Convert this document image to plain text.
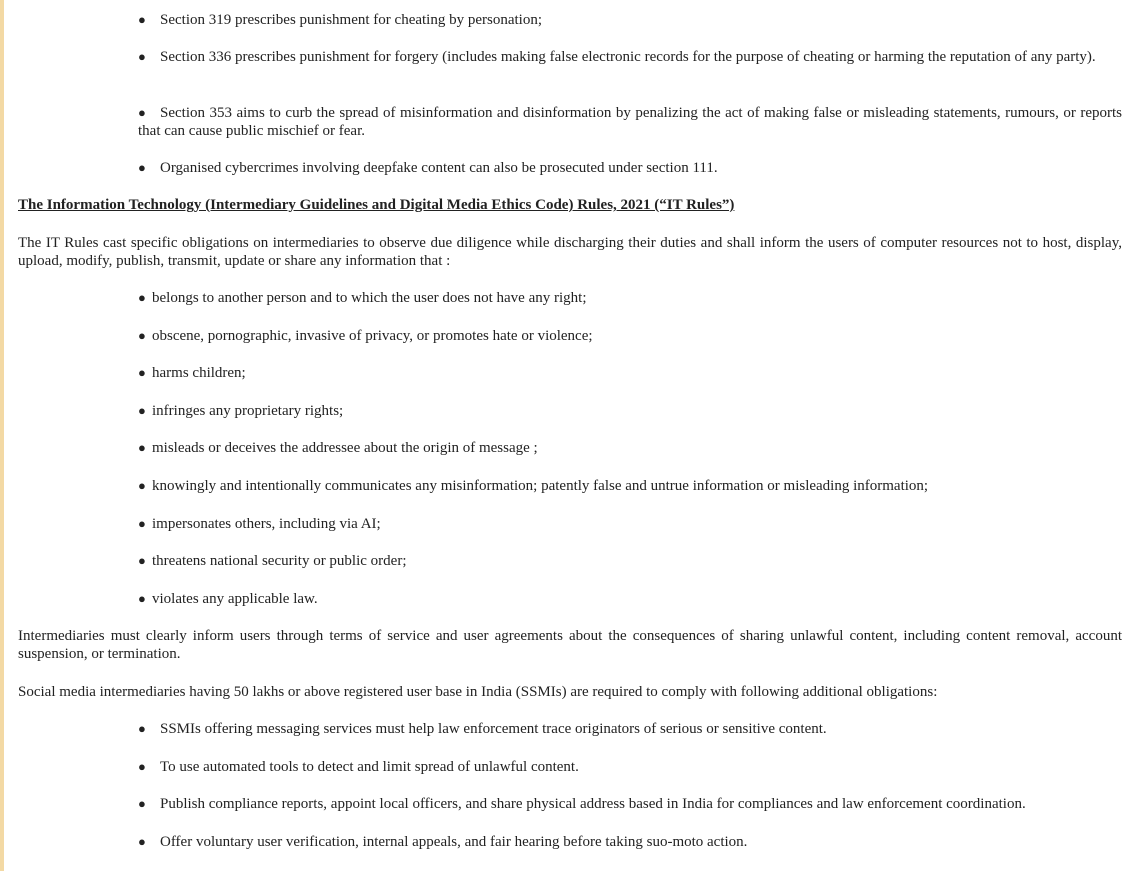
● Section 319 prescribes punishment for cheating by personation;
● Section 336 prescribes punishment for forgery (includes making false electronic records for the purpose of cheating or harming the reputation of any party).
● Section 353 aims to curb the spread of misinformation and disinformation by penalizing the act of making false or misleading statements, rumours, or reports that can cause public mischief or fear.
● Organised cybercrimes involving deepfake content can also be prosecuted under section 111.
The Information Technology (Intermediary Guidelines and Digital Media Ethics Code) Rules, 2021 (“IT Rules”)
The IT Rules cast specific obligations on intermediaries to observe due diligence while discharging their duties and shall inform the users of computer resources not to host, display, upload, modify, publish, transmit, update or share any information that :
● belongs to another person and to which the user does not have any right;
● obscene, pornographic, invasive of privacy, or promotes hate or violence;
● harms children;
● infringes any proprietary rights;
● misleads or deceives the addressee about the origin of message ;
● knowingly and intentionally communicates any misinformation; patently false and untrue information or misleading information;
● impersonates others, including via AI;
● threatens national security or public order;
● violates any applicable law.
Intermediaries must clearly inform users through terms of service and user agreements about the consequences of sharing unlawful content, including content removal, account suspension, or termination.
Social media intermediaries having 50 lakhs or above registered user base in India (SSMIs) are required to comply with following additional obligations:
● SSMIs offering messaging services must help law enforcement trace originators of serious or sensitive content.
● To use automated tools to detect and limit spread of unlawful content.
● Publish compliance reports, appoint local officers, and share physical address based in India for compliances and law enforcement coordination.
● Offer voluntary user verification, internal appeals, and fair hearing before taking suo-moto action.
